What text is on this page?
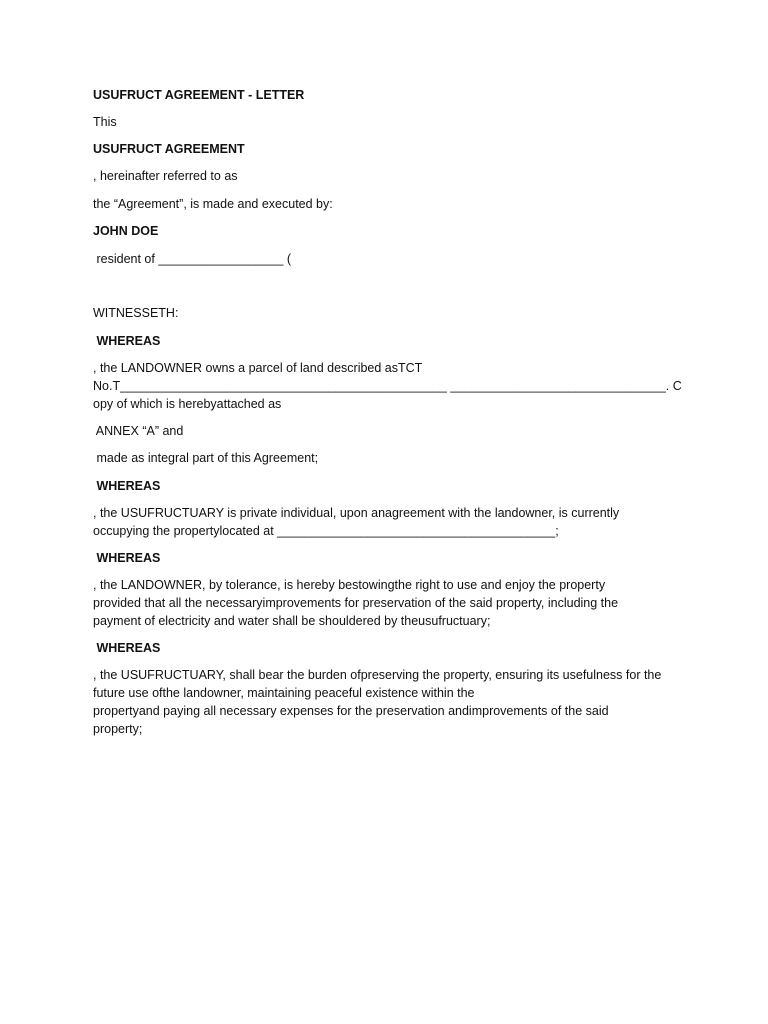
USUFRUCT AGREEMENT - LETTER
This
USUFRUCT AGREEMENT
, hereinafter referred to as
the “Agreement”, is made and executed by:
JOHN DOE
resident of __________________ (
WITNESSETH:
WHEREAS
, the LANDOWNER owns a parcel of land described asTCT
No.T_______________________________________________ _______________________________. C
opy of which is herebyattached as
ANNEX “A” and
made as integral part of this Agreement;
WHEREAS
, the USUFRUCTUARY is private individual, upon anagreement with the landowner, is currently
occupying the propertylocated at ________________________________________;
WHEREAS
, the LANDOWNER, by tolerance, is hereby bestowingthe right to use and enjoy the property
provided that all the necessaryimprovements for preservation of the said property, including the
payment of electricity and water shall be shouldered by theusufructuary;
WHEREAS
, the USUFRUCTUARY, shall bear the burden ofpreserving the property, ensuring its usefulness for the
future use ofthe landowner, maintaining peaceful existence within the
propertyand paying all necessary expenses for the preservation andimprovements of the said
property;
